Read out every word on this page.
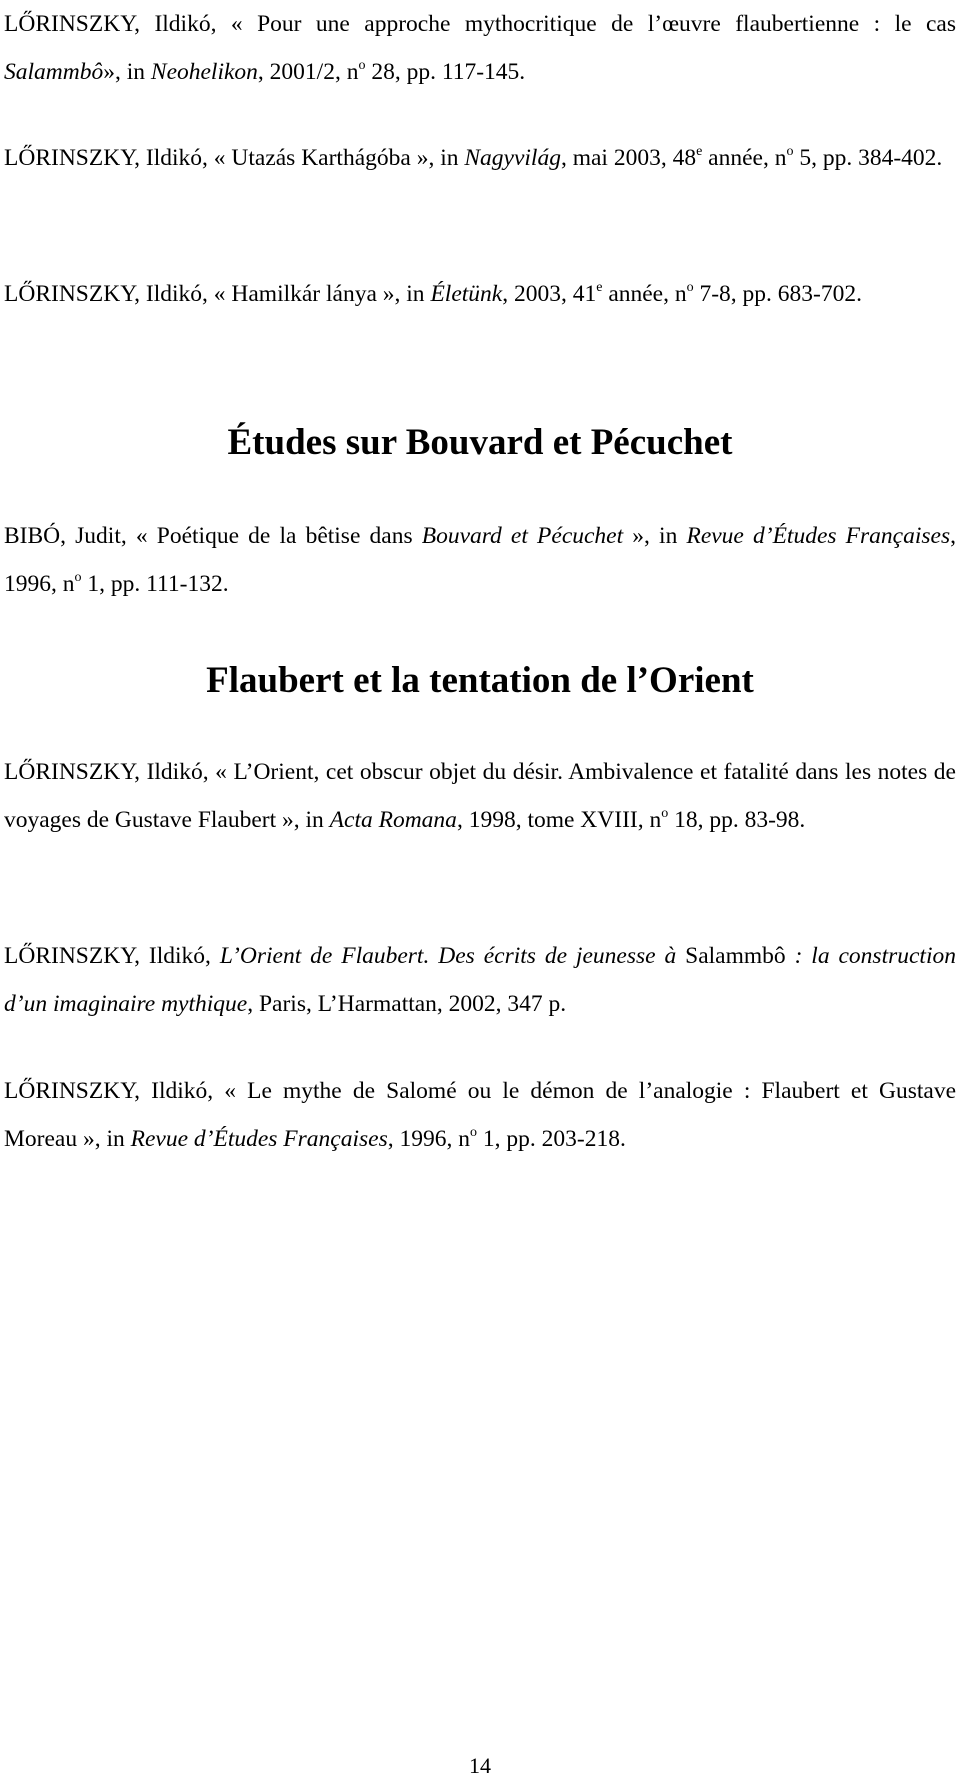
LŐRINSZKY, Ildikó, « Pour une approche mythocritique de l’œuvre flaubertienne : le cas Salammbô», in Neohelikon, 2001/2, $n^o$ 28, pp. 117-145.

LŐRINSZKY, Ildikó, « Utazás Karthágóba », in Nagyvilág, mai 2003, 48e année, $n^o$ 5, pp. 384-402.

LŐRINSZKY, Ildikó, « Hamilkár lánya », in Életünk, 2003, 41e année, $n^o$ 7-8, pp. 683-702.

Études sur Bouvard et Pécuchet

BIBÓ, Judit, « Poétique de la bêtise dans Bouvard et Pécuchet », in Revue d’Études Françaises, 1996, $n^o$ 1, pp. 111-132.

Flaubert et la tentation de l’Orient

LŐRINSZKY, Ildikó, « L’Orient, cet obscur objet du désir. Ambivalence et fatalité dans les notes de voyages de Gustave Flaubert », in Acta Romana, 1998, tome XVIII, $n^o$ 18, pp. 83-98.

LŐRINSZKY, Ildikó, L’Orient de Flaubert. Des écrits de jeunesse à Salammbô : la construction d’un imaginaire mythique, Paris, L’Harmattan, 2002, 347 p.

LŐRINSZKY, Ildikó, « Le mythe de Salomé ou le démon de l’analogie : Flaubert et Gustave Moreau », in Revue d’Études Françaises, 1996, $n^o$ 1, pp. 203-218.

14
